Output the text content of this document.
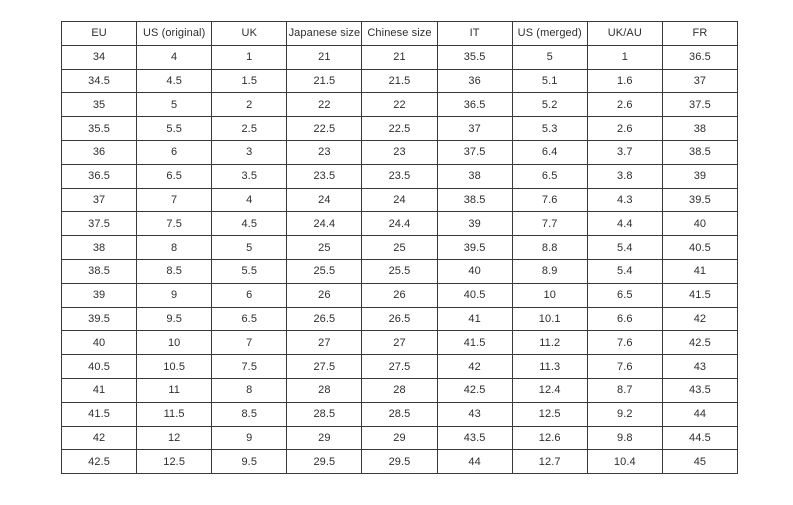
EU	US (original)	UK	Japanese size	Chinese size	IT	US (merged)	UK/AU	FR
34	4	1	21	21	35.5	5	1	36.5
34.5	4.5	1.5	21.5	21.5	36	5.1	1.6	37
35	5	2	22	22	36.5	5.2	2.6	37.5
35.5	5.5	2.5	22.5	22.5	37	5.3	2.6	38
36	6	3	23	23	37.5	6.4	3.7	38.5
36.5	6.5	3.5	23.5	23.5	38	6.5	3.8	39
37	7	4	24	24	38.5	7.6	4.3	39.5
37.5	7.5	4.5	24.4	24.4	39	7.7	4.4	40
38	8	5	25	25	39.5	8.8	5.4	40.5
38.5	8.5	5.5	25.5	25.5	40	8.9	5.4	41
39	9	6	26	26	40.5	10	6.5	41.5
39.5	9.5	6.5	26.5	26.5	41	10.1	6.6	42
40	10	7	27	27	41.5	11.2	7.6	42.5
40.5	10.5	7.5	27.5	27.5	42	11.3	7.6	43
41	11	8	28	28	42.5	12.4	8.7	43.5
41.5	11.5	8.5	28.5	28.5	43	12.5	9.2	44
42	12	9	29	29	43.5	12.6	9.8	44.5
42.5	12.5	9.5	29.5	29.5	44	12.7	10.4	45
